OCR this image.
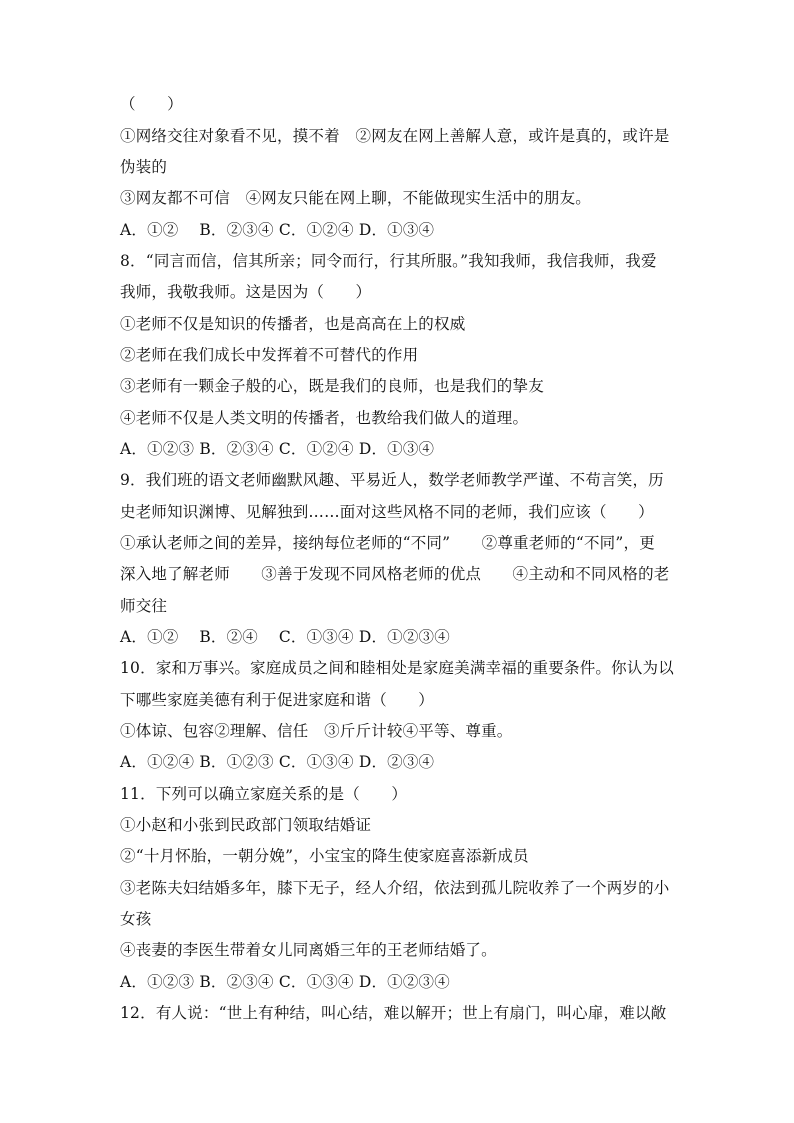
（　　）
①网络交往对象看不见，摸不着　②网友在网上善解人意，或许是真的，或许是
伪装的
③网友都不可信　④网友只能在网上聊，不能做现实生活中的朋友。
A．①②　 B．②③④ C．①②④ D．①③④
8．“同言而信，信其所亲；同令而行，行其所服。”我知我师，我信我师，我爱
我师，我敬我师。这是因为（　　）
①老师不仅是知识的传播者，也是高高在上的权威
②老师在我们成长中发挥着不可替代的作用
③老师有一颗金子般的心，既是我们的良师，也是我们的挚友
④老师不仅是人类文明的传播者，也教给我们做人的道理。
A．①②③ B．②③④ C．①②④ D．①③④
9．我们班的语文老师幽默风趣、平易近人，数学老师教学严谨、不苟言笑，历
史老师知识渊博、见解独到……面对这些风格不同的老师，我们应该（　　）
①承认老师之间的差异，接纳每位老师的“不同”　　②尊重老师的“不同”，更
深入地了解老师　　③善于发现不同风格老师的优点　　④主动和不同风格的老
师交往
A．①②　 B．②④　 C．①③④ D．①②③④
10．家和万事兴。家庭成员之间和睦相处是家庭美满幸福的重要条件。你认为以
下哪些家庭美德有利于促进家庭和谐（　　）
①体谅、包容②理解、信任　③斤斤计较④平等、尊重。
A．①②④ B．①②③ C．①③④ D．②③④
11．下列可以确立家庭关系的是（　　）
①小赵和小张到民政部门领取结婚证
②“十月怀胎，一朝分娩”，小宝宝的降生使家庭喜添新成员
③老陈夫妇结婚多年，膝下无子，经人介绍，依法到孤儿院收养了一个两岁的小
女孩
④丧妻的李医生带着女儿同离婚三年的王老师结婚了。
A．①②③ B．②③④ C．①③④ D．①②③④
12．有人说：“世上有种结，叫心结，难以解开；世上有扇门，叫心扉，难以敞
